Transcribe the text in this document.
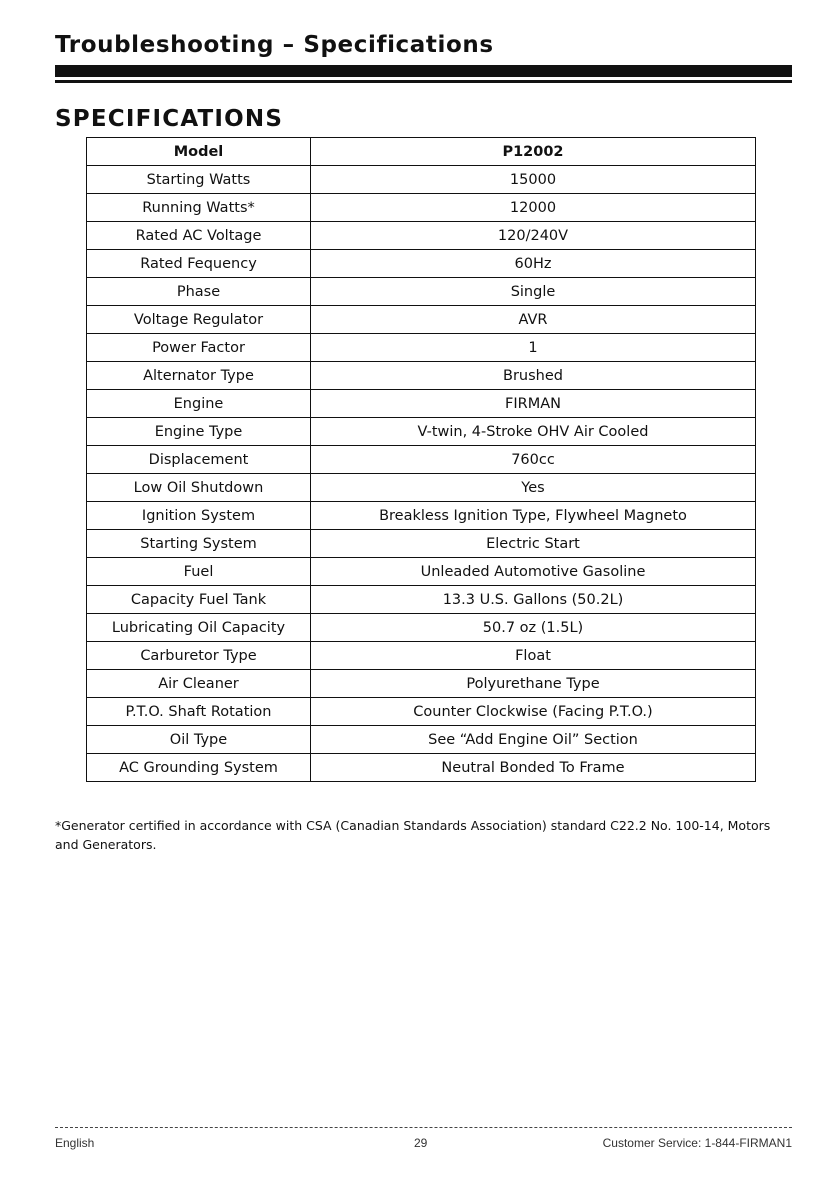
Troubleshooting – Specifications
SPECIFICATIONS
Model	P12002
Starting Watts	15000
Running Watts*	12000
Rated AC Voltage	120/240V
Rated Fequency	60Hz
Phase	Single
Voltage Regulator	AVR
Power Factor	1
Alternator Type	Brushed
Engine	FIRMAN
Engine Type	V-twin, 4-Stroke OHV Air Cooled
Displacement	760cc
Low Oil Shutdown	Yes
Ignition System	Breakless Ignition Type, Flywheel Magneto
Starting System	Electric Start
Fuel	Unleaded Automotive Gasoline
Capacity Fuel Tank	13.3 U.S. Gallons (50.2L)
Lubricating Oil Capacity	50.7 oz (1.5L)
Carburetor Type	Float
Air Cleaner	Polyurethane Type
P.T.O. Shaft Rotation	Counter Clockwise (Facing P.T.O.)
Oil Type	See “Add Engine Oil” Section
AC Grounding System	Neutral Bonded To Frame
*Generator certified in accordance with CSA (Canadian Standards Association) standard C22.2 No. 100-14, Motors and Generators.
English	29	Customer Service: 1-844-FIRMAN1
